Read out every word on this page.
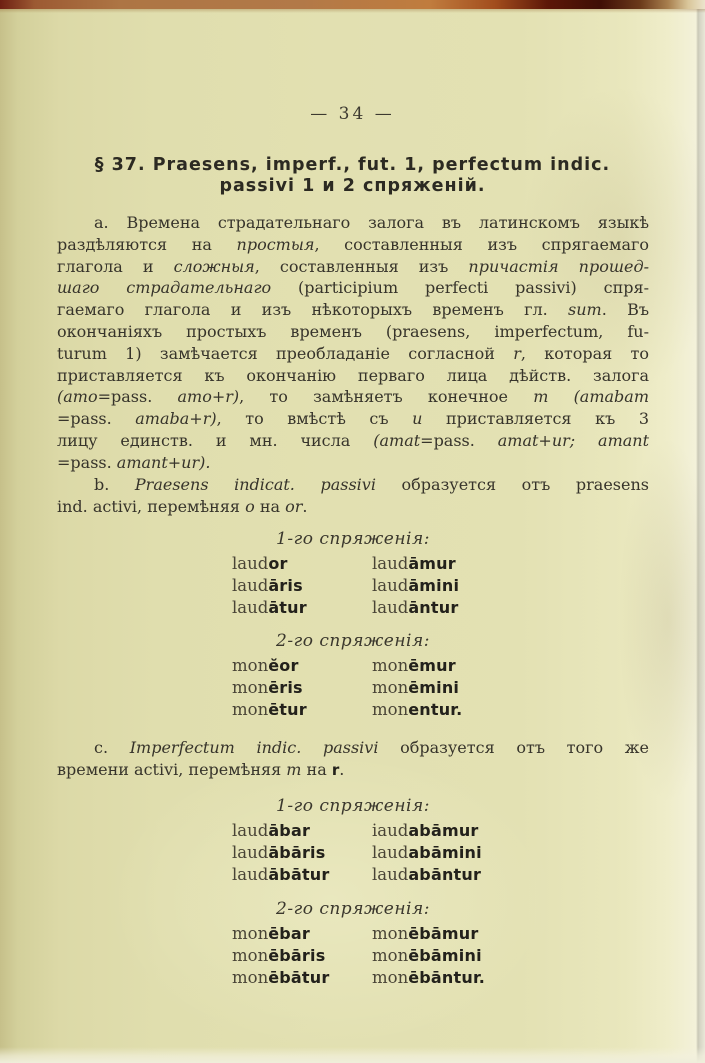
— 34 —
§ 37. Praesens, imperf., fut. 1, perfectum indic.
passivi 1 и 2 спряженій.
a. Времена страдательнаго залога въ латинскомъ языкѣ
раздѣляются на простыя, составленныя изъ спрягаемаго
глагола и сложныя, составленныя изъ причастія прошед-
шаго страдательнаго (participium perfecti passivi) спря-
гаемаго глагола и изъ нѣкоторыхъ временъ гл. sum. Въ
окончаніяхъ простыхъ временъ (praesens, imperfectum, fu-
turum 1) замѣчается преобладаніе согласной r, которая то
приставляется къ окончанію перваго лица дѣйств. залога
(amo=pass. amo+r), то замѣняетъ конечное m (amabam
=pass. amaba+r), то вмѣстѣ съ u приставляется къ 3
лицу единств. и мн. числа (amat=pass. amat+ur; amant
=pass. amant+ur).
b. Praesens indicat. passivi образуется отъ praesens
ind. activi, перемѣняя o на or.
1-го спряженія:
laudor	laudāmur
laudāris	laudāmini
laudātur	laudāntur
2-го спряженія:
monĕor	monēmur
monēris	monēmini
monētur	monentur.
c. Imperfectum indic. passivi образуется отъ того же
времени activi, перемѣняя m на r.
1-го спряженія:
laudābar	iaudabāmur
laudābāris	laudabāmini
laudābātur	laudabāntur
2-го спряженія:
monēbar	monēbāmur
monēbāris	monēbāmini
monēbātur	monēbāntur.
